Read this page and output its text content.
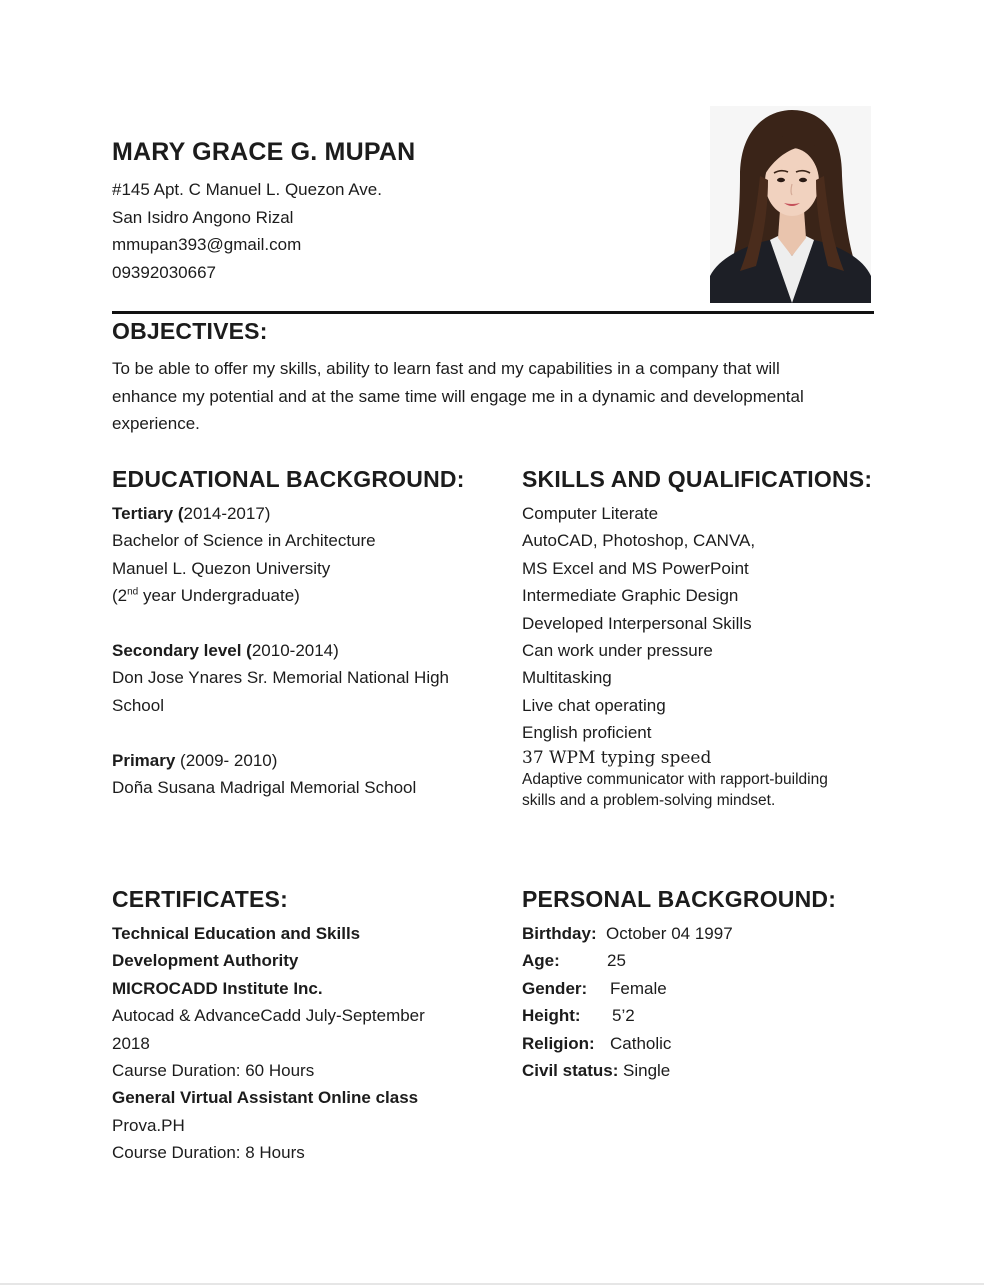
MARY GRACE G. MUPAN
#145 Apt. C Manuel L. Quezon Ave.
San Isidro Angono Rizal
mmupan393@gmail.com
09392030667
OBJECTIVES:
To be able to offer my skills, ability to learn fast and my capabilities in a company that will
enhance my potential and at the same time will engage me in a dynamic and developmental
experience.
EDUCATIONAL BACKGROUND:
Tertiary (2014-2017)
Bachelor of Science in Architecture
Manuel L. Quezon University
(2nd year Undergraduate)
Secondary level (2010-2014)
Don Jose Ynares Sr. Memorial National High
School
Primary (2009- 2010)
Doña Susana Madrigal Memorial School
SKILLS AND QUALIFICATIONS:
Computer Literate
AutoCAD, Photoshop, CANVA,
MS Excel and MS PowerPoint
Intermediate Graphic Design
Developed Interpersonal Skills
Can work under pressure
Multitasking
Live chat operating
English proficient
37 WPM typing speed
Adaptive communicator with rapport-building
skills and a problem-solving mindset.
CERTIFICATES:
Technical Education and Skills
Development Authority
MICROCADD Institute Inc.
Autocad & AdvanceCadd July-September
2018
Caurse Duration: 60 Hours
General Virtual Assistant Online class
Prova.PH
Course Duration: 8 Hours
PERSONAL BACKGROUND:
Birthday: October 04 1997
Age:	25
Gender: Female
Height: 5’2
Religion: Catholic
Civil status: Single
